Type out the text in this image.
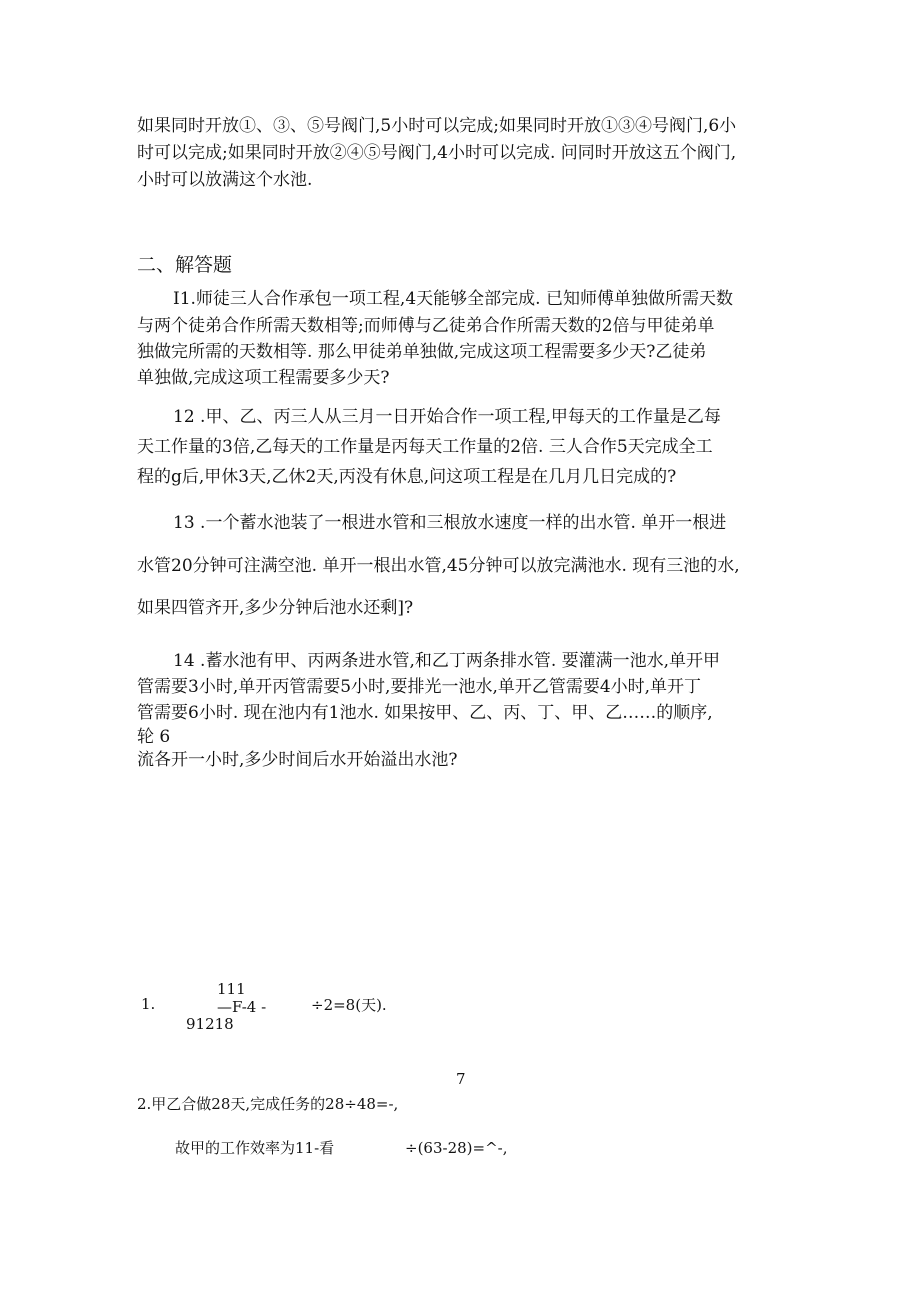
如果同时开放①、③、⑤号阀门,5小时可以完成;如果同时开放①③④号阀门,6小
时可以完成;如果同时开放②④⑤号阀门,4小时可以完成. 问同时开放这五个阀门,
小时可以放满这个水池.
二、解答题
I1.师徒三人合作承包一项工程,4天能够全部完成. 已知师傅单独做所需天数
与两个徒弟合作所需天数相等;而师傅与乙徒弟合作所需天数的2倍与甲徒弟单
独做完所需的天数相等. 那么甲徒弟单独做,完成这项工程需要多少天?乙徒弟
单独做,完成这项工程需要多少天?
12 .甲、乙、丙三人从三月一日开始合作一项工程,甲每天的工作量是乙每
天工作量的3倍,乙每天的工作量是丙每天工作量的2倍. 三人合作5天完成全工
程的g后,甲休3天,乙休2天,丙没有休息,问这项工程是在几月几日完成的?
13 .一个蓄水池装了一根进水管和三根放水速度一样的出水管. 单开一根进
水管20分钟可注满空池. 单开一根出水管,45分钟可以放完满池水. 现有三池的水,
如果四管齐开,多少分钟后池水还剩]?
14 .蓄水池有甲、丙两条进水管,和乙丁两条排水管. 要灌满一池水,单开甲
管需要3小时,单开丙管需要5小时,要排光一池水,单开乙管需要4小时,单开丁
管需要6小时. 现在池内有1池水. 如果按甲、乙、丙、丁、甲、乙……的顺序,
轮 6
流各开一小时,多少时间后水开始溢出水池?
1.
111
—F-4 -
91218
÷2=8(天).
7
2.甲乙合做28天,完成任务的28÷48=-,
故甲的工作效率为11-看	÷(63-28)=^-,
